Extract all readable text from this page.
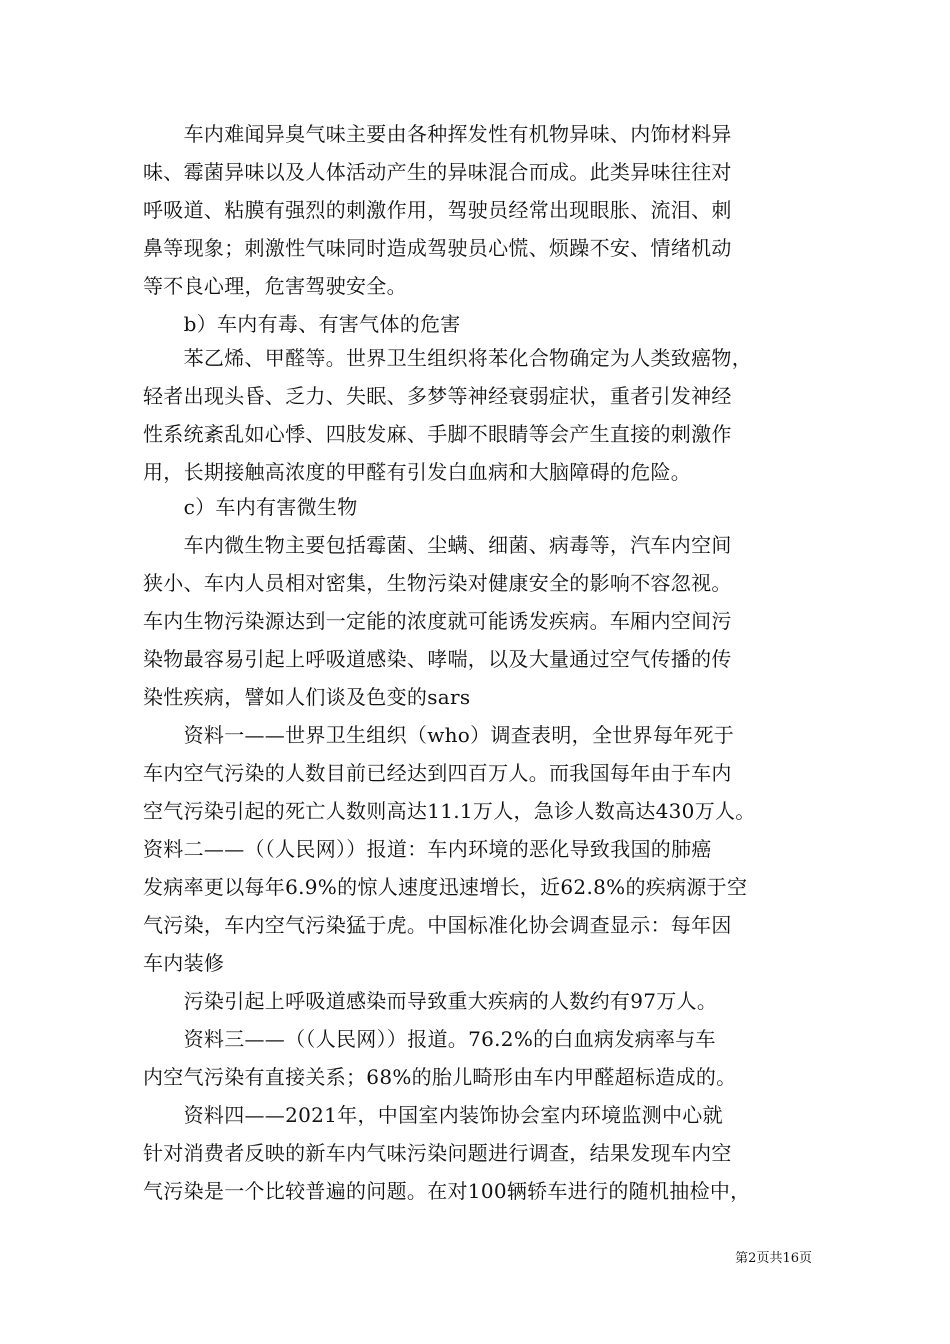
　　车内难闻异臭气味主要由各种挥发性有机物异味、内饰材料异
味、霉菌异味以及人体活动产生的异味混合而成。此类异味往往对
呼吸道、粘膜有强烈的刺激作用，驾驶员经常出现眼胀、流泪、刺
鼻等现象；刺激性气味同时造成驾驶员心慌、烦躁不安、情绪机动
等不良心理，危害驾驶安全。
　　b）车内有毒、有害气体的危害
　　苯乙烯、甲醛等。世界卫生组织将苯化合物确定为人类致癌物，
轻者出现头昏、乏力、失眠、多梦等神经衰弱症状，重者引发神经
性系统紊乱如心悸、四肢发麻、手脚不眼睛等会产生直接的刺激作
用，长期接触高浓度的甲醛有引发白血病和大脑障碍的危险。
　　c）车内有害微生物
　　车内微生物主要包括霉菌、尘螨、细菌、病毒等，汽车内空间
狭小、车内人员相对密集，生物污染对健康安全的影响不容忽视。
车内生物污染源达到一定能的浓度就可能诱发疾病。车厢内空间污
染物最容易引起上呼吸道感染、哮喘，以及大量通过空气传播的传
染性疾病，譬如人们谈及色变的sars
　　资料一——世界卫生组织（who）调查表明，全世界每年死于
车内空气污染的人数目前已经达到四百万人。而我国每年由于车内
空气污染引起的死亡人数则高达11.1万人，急诊人数高达430万人。
资料二——（（人民网））报道：车内环境的恶化导致我国的肺癌
发病率更以每年6.9%的惊人速度迅速增长，近62.8%的疾病源于空
气污染，车内空气污染猛于虎。中国标准化协会调查显示：每年因
车内装修
　　污染引起上呼吸道感染而导致重大疾病的人数约有97万人。
　　资料三——（（人民网））报道。76.2%的白血病发病率与车
内空气污染有直接关系；68%的胎儿畸形由车内甲醛超标造成的。
　　资料四——2021年，中国室内装饰协会室内环境监测中心就
针对消费者反映的新车内气味污染问题进行调查，结果发现车内空
气污染是一个比较普遍的问题。在对100辆轿车进行的随机抽检中，
第2页共16页
